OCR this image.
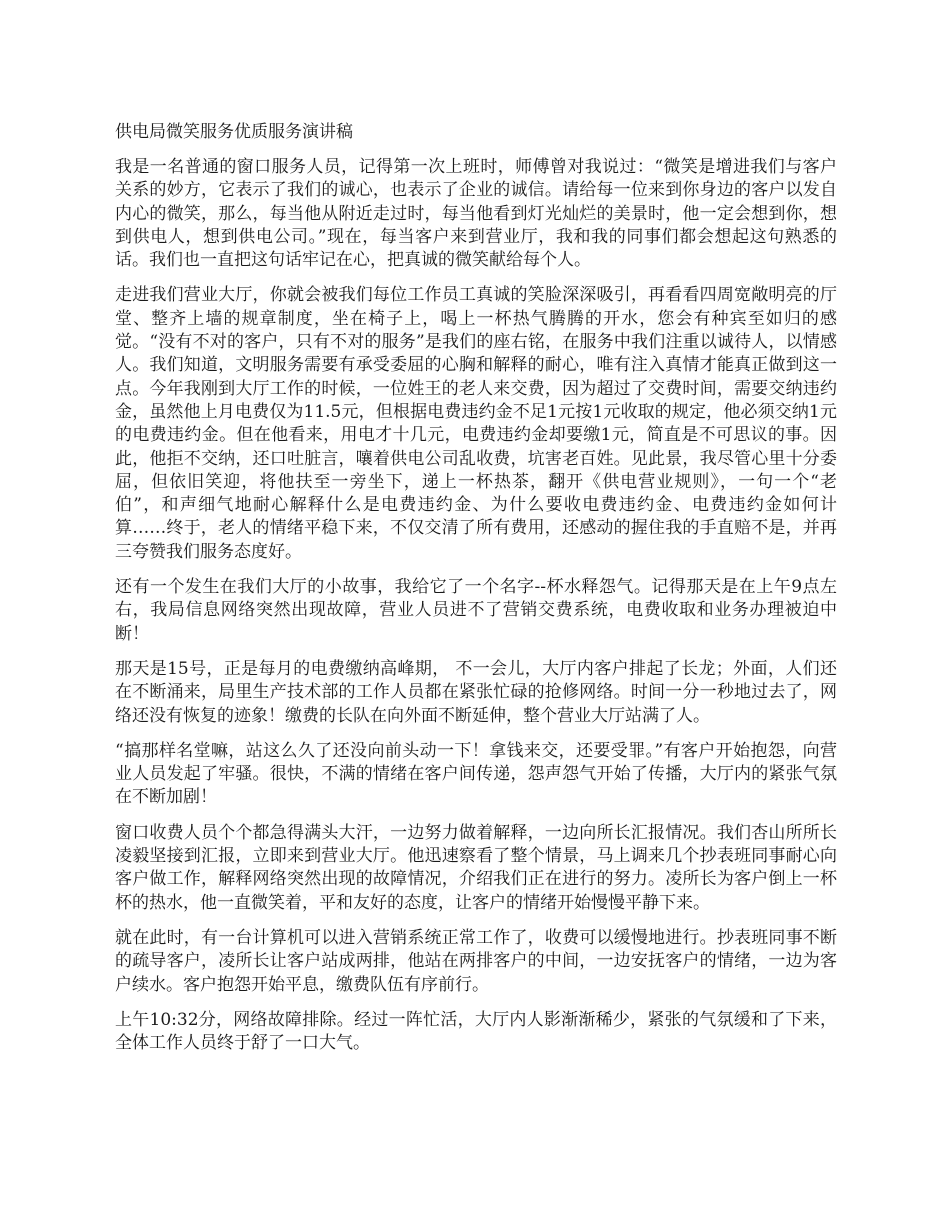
供电局微笑服务优质服务演讲稿

我是一名普通的窗口服务人员，记得第一次上班时，师傅曾对我说过：“微笑是增进我们与客户关系的妙方，它表示了我们的诚心，也表示了企业的诚信。请给每一位来到你身边的客户以发自内心的微笑，那么，每当他从附近走过时，每当他看到灯光灿烂的美景时，他一定会想到你，想到供电人，想到供电公司。”现在，每当客户来到营业厅，我和我的同事们都会想起这句熟悉的话。我们也一直把这句话牢记在心，把真诚的微笑献给每个人。

走进我们营业大厅，你就会被我们每位工作员工真诚的笑脸深深吸引，再看看四周宽敞明亮的厅堂、整齐上墙的规章制度，坐在椅子上，喝上一杯热气腾腾的开水，您会有种宾至如归的感觉。“没有不对的客户，只有不对的服务”是我们的座右铭，在服务中我们注重以诚待人，以情感人。我们知道，文明服务需要有承受委屈的心胸和解释的耐心，唯有注入真情才能真正做到这一点。今年我刚到大厅工作的时候，一位姓王的老人来交费，因为超过了交费时间，需要交纳违约金，虽然他上月电费仅为11.5元，但根据电费违约金不足1元按1元收取的规定，他必须交纳1元的电费违约金。但在他看来，用电才十几元，电费违约金却要缴1元，简直是不可思议的事。因此，他拒不交纳，还口吐脏言，嚷着供电公司乱收费，坑害老百姓。见此景，我尽管心里十分委屈，但依旧笑迎，将他扶至一旁坐下，递上一杯热茶，翻开《供电营业规则》，一句一个“老伯”，和声细气地耐心解释什么是电费违约金、为什么要收电费违约金、电费违约金如何计算……终于，老人的情绪平稳下来，不仅交清了所有费用，还感动的握住我的手直赔不是，并再三夸赞我们服务态度好。

还有一个发生在我们大厅的小故事，我给它了一个名字--杯水释怨气。记得那天是在上午9点左右，我局信息网络突然出现故障，营业人员进不了营销交费系统，电费收取和业务办理被迫中断！

那天是15号，正是每月的电费缴纳高峰期， 不一会儿，大厅内客户排起了长龙；外面，人们还在不断涌来，局里生产技术部的工作人员都在紧张忙碌的抢修网络。时间一分一秒地过去了，网络还没有恢复的迹象！缴费的长队在向外面不断延伸，整个营业大厅站满了人。

“搞那样名堂嘛，站这么久了还没向前头动一下！拿钱来交，还要受罪。”有客户开始抱怨，向营业人员发起了牢骚。很快，不满的情绪在客户间传递，怨声怨气开始了传播，大厅内的紧张气氛在不断加剧！

窗口收费人员个个都急得满头大汗，一边努力做着解释，一边向所长汇报情况。我们杏山所所长凌毅坚接到汇报，立即来到营业大厅。他迅速察看了整个情景，马上调来几个抄表班同事耐心向客户做工作，解释网络突然出现的故障情况，介绍我们正在进行的努力。凌所长为客户倒上一杯杯的热水，他一直微笑着，平和友好的态度，让客户的情绪开始慢慢平静下来。

就在此时，有一台计算机可以进入营销系统正常工作了，收费可以缓慢地进行。抄表班同事不断的疏导客户，凌所长让客户站成两排，他站在两排客户的中间，一边安抚客户的情绪，一边为客户续水。客户抱怨开始平息，缴费队伍有序前行。

上午10:32分，网络故障排除。经过一阵忙活，大厅内人影渐渐稀少，紧张的气氛缓和了下来，全体工作人员终于舒了一口大气。
